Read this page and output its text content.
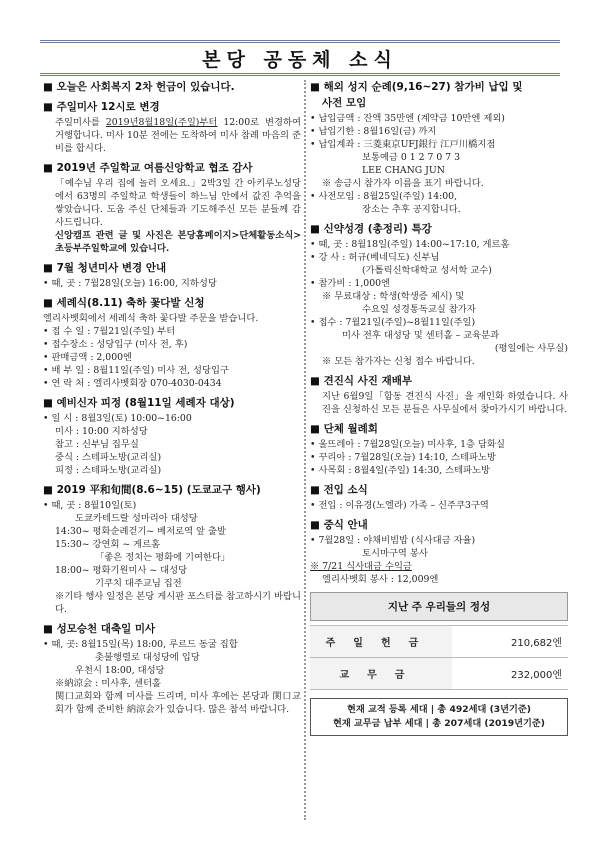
본당 공동체 소식
■ 오늘은 사회복지 2차 헌금이 있습니다.
■ 주일미사 12시로 변경

주일미사를 2019년8월18일(주일)부터 12:00로 변경하여 거행합니다. 미사 10분 전에는 도착하여 미사 참례 마음의 준비를 합시다.

■ 2019년 주일학교 여름신앙학교 협조 감사

「예수님 우리 집에 놀러 오세요.」2박3일 간 아키루노성당에서 63명의 주일학교 학생들이 하느님 안에서 값진 추억을 쌓았습니다. 도움 주신 단체들과 기도해주신 모든 분들께 감사드립니다.

신앙캠프 관련 글 및 사진은 본당홈페이지>단체활동소식>초등부주일학교에 있습니다.

■ 7월 청년미사 변경 안내
• 때, 곳 : 7월28일(오늘) 16:00, 지하성당
■ 세례식(8.11) 축하 꽃다발 신청

엘리사벳회에서 세례식 축하 꽃다발 주문을 받습니다.

• 접 수 일 : 7월21일(주일) 부터
• 접수장소 : 성당입구 (미사 전, 후)
• 판매금액 : 2,000엔
• 배 부 일 : 8월11일(주일) 미사 전, 성당입구
• 연 락 처 : 엘리사벳회장 070-4030-0434
■ 예비신자 피정 (8월11일 세례자 대상)
• 일 시 : 8월3일(토) 10:00~16:00
미사 : 10:00 지하성당
참고 : 신부님 집무실
중식 : 스테파노방(교리실)
피정 : 스테파노방(교리실)
■ 2019 平和旬間(8.6~15) (도쿄교구 행사)
• 때, 곳 : 8월10일(토)
도쿄카테드랄 성마리아 대성당
14:30~ 평화순례걷기~ 베저로역 앞 출발
15:30~ 강연회 ~ 게르홈
「좋은 정치는 평화에 기여한다」
18:00~ 평화기원미사 ~ 대성당
기쿠치 대주교님 집전

※기타 행사 일정은 본당 게시판 포스터를 참고하시기 바랍니다.

■ 성모승천 대축일 미사
• 때, 곳: 8월15일(목) 18:00, 루르드 동굴 집합
촛불행렬로 대성당에 입당
우천시 18:00, 대성당
※納涼会 : 미사후, 센터홀

関口교회와 함께 미사를 드리며, 미사 후에는 본당과 関口교회가 함께 준비한 納涼会가 있습니다. 많은 참석 바랍니다.

■ 해외 성지 순례(9,16~27) 참가비 납입 및
사전 모임
• 납입금액 : 잔액 35만엔 (계약금 10만엔 제외)
• 납입기한 : 8월16일(금) 까지
• 납입계좌 : 三菱東京UFJ銀行 江戸川橋지점
보통예금 0 1 2 7 0 7 3
LEE CHANG JUN
※ 송금시 참가자 이름을 표기 바랍니다.
• 사전모임 : 8월25일(주일) 14:00,
장소는 추후 공지합니다.
■ 신약성경 (총정리) 특강
• 때, 곳 : 8월18일(주일) 14:00~17:10, 게르홈
• 강 사 : 허규(베네딕도) 신부님
(가톨릭신학대학교 성서학 교수)
• 참가비 : 1,000엔
※ 무료대상 : 학생(학생증 제시) 및
수요일 성경통독교실 참가자
• 접수 : 7월21일(주일)~8월11일(주일)
미사 전후 대성당 및 센터홀 – 교육분과
(평일에는 사무실)
※ 모든 참가자는 신청 접수 바랍니다.
■ 견진식 사진 재배부

지난 6월9일「함동 견진식 사진」을 재인화 하였습니다. 사진을 신청하신 모든 분들은 사무실에서 찾아가시기 바랍니다.

■ 단체 월례회
• 울뜨레아 : 7월28일(오늘) 미사후, 1층 담화실
• 꾸리아 : 7월28일(오늘) 14:10, 스테파노방
• 사목회 : 8월4일(주일) 14:30, 스테파노방
■ 전입 소식
• 전입 : 이유경(노엘라) 가족 – 신주쿠3구역
■ 중식 안내
• 7월28일 : 야채비빔밥 (식사대금 자율)
토시마구역 봉사
※ 7/21 식사대금 수익금
엘리사벳회 봉사 : 12,009엔
지난 주 우리들의 정성
주일헌금	210,682엔
교무금	232,000엔
현재 교적 등록 세대 | 총 492세대 (3년기준)
현재 교무금 납부 세대 | 총 207세대 (2019년기준)
